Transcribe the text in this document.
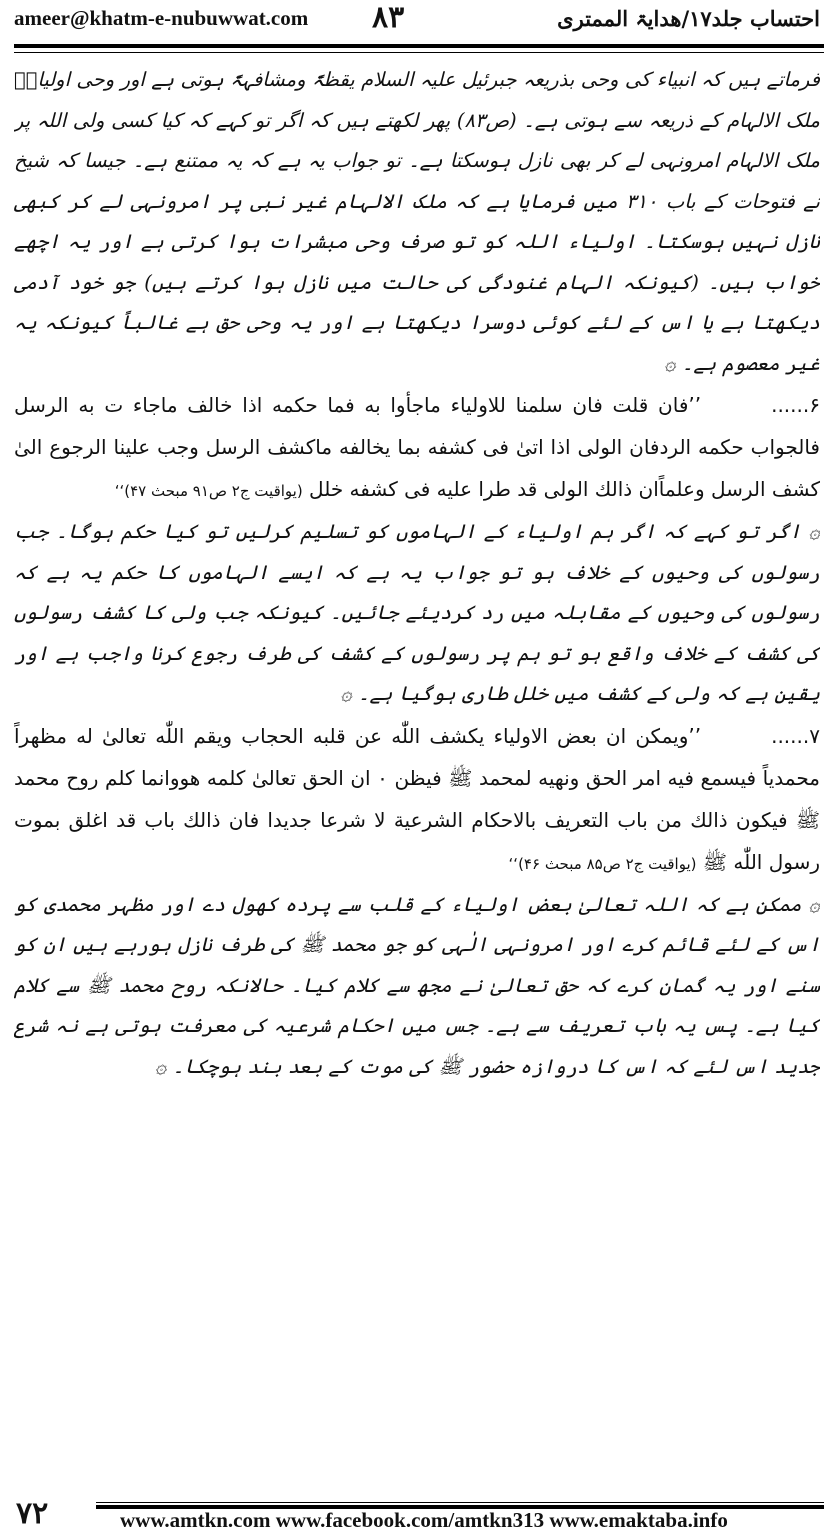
ameer@khatm-e-nubuwwat.com ۸۳	احتساب جلد۱۷/ھدایۃ الممتری

فرماتے ہیں کہ انبیاء کی وحی بذریعہ جبرئیل علیہ السلام یقظۃً ومشافہۃً ہوتی ہے اور وحی اولیاءؒ ملک الالہام کے ذریعہ سے ہوتی ہے۔ (ص۸۳) پھر لکھتے ہیں کہ اگر تو کہے کہ کیا کسی ولی اللہ پر ملک الالہام امرونہی لے کر بھی نازل ہوسکتا ہے۔ تو جواب یہ ہے کہ یہ ممتنع ہے۔ جیسا کہ شیخ نے فتوحات کے باب ۳۱۰ میں فرمایا ہے کہ ملک الالہام غیر نبی پر امرونہی لے کر کبھی نازل نہیں ہوسکتا۔ اولیاء اللہ کو تو صرف وحی مبشرات ہوا کرتی ہے اور یہ اچھے خواب ہیں۔ (کیونکہ الہام غنودگی کی حالت میں نازل ہوا کرتے ہیں) جو خود آدمی دیکھتا ہے یا اس کے لئے کوئی دوسرا دیکھتا ہے اور یہ وحی حق ہے غالباً کیونکہ یہ غیر معصوم ہے۔ ۞

۶......’’فان قلت فان سلمنا للاولیاء ماجأوا به فما حکمه اذا خالف ماجاء ت به الرسل فالجواب حکمه الردفان الولی اذا اتیٰ فی کشفه بما یخالفه ماکشف الرسل وجب علینا الرجوع الیٰ کشف الرسل وعلماًان ذالك الولی قد طرا علیه فی کشفه خلل (یواقیت ج۲ ص۹۱ مبحث ۴۷)‘‘

۞ اگر تو کہے کہ اگر ہم اولیاء کے الہاموں کو تسلیم کرلیں تو کیا حکم ہوگا۔ جب رسولوں کی وحیوں کے خلاف ہو تو جواب یہ ہے کہ ایسے الہاموں کا حکم یہ ہے کہ رسولوں کی وحیوں کے مقابلہ میں رد کردیئے جائیں۔ کیونکہ جب ولی کا کشف رسولوں کی کشف کے خلاف واقع ہو تو ہم پر رسولوں کے کشف کی طرف رجوع کرنا واجب ہے اور یقین ہے کہ ولی کے کشف میں خلل طاری ہوگیا ہے۔ ۞

۷......’’ویمکن ان بعض الاولیاء یکشف اللّٰه عن قلبه الحجاب ویقم اللّٰه تعالیٰ له مظهراً محمدیاً فیسمع فیه امر الحق ونهیه لمحمد ﷺ فیظن ۰ ان الحق تعالیٰ کلمه هووانما کلم روح محمد ﷺ فیکون ذالك من باب التعریف بالاحکام الشرعیة لا شرعا جدیدا فان ذالك باب قد اغلق بموت رسول اللّٰه ﷺ (یواقیت ج۲ ص۸۵ مبحث ۴۶)‘‘

۞ ممکن ہے کہ اللہ تعالیٰ بعض اولیاء کے قلب سے پردہ کھول دے اور مظہر محمدی کو اس کے لئے قائم کرے اور امرونہی الٰہی کو جو محمد ﷺ کی طرف نازل ہورہے ہیں ان کو سنے اور یہ گمان کرے کہ حق تعالیٰ نے مجھ سے کلام کیا۔ حالانکہ روح محمد ﷺ سے کلام کیا ہے۔ پس یہ باب تعریف سے ہے۔ جس میں احکام شرعیہ کی معرفت ہوتی ہے نہ شرع جدید اس لئے کہ اس کا دروازہ حضور ﷺ کی موت کے بعد بند ہوچکا۔ ۞

۷۲	www.amtkn.com www.facebook.com/amtkn313 www.emaktaba.info
